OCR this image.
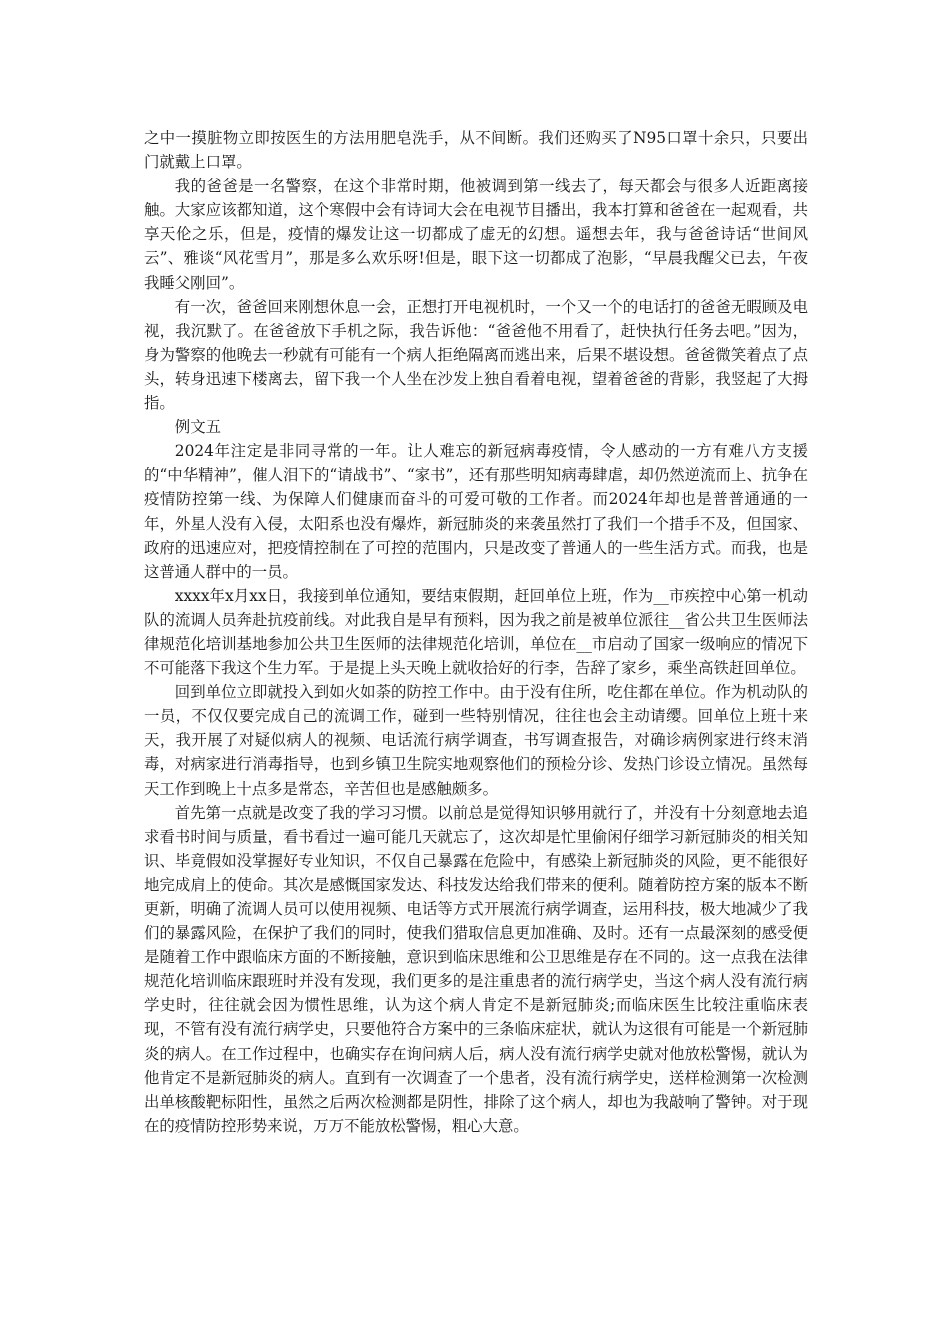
之中一摸脏物立即按医生的方法用肥皂洗手，从不间断。我们还购买了N95口罩十余只，只要出门就戴上口罩。

我的爸爸是一名警察，在这个非常时期，他被调到第一线去了，每天都会与很多人近距离接触。大家应该都知道，这个寒假中会有诗词大会在电视节目播出，我本打算和爸爸在一起观看，共享天伦之乐，但是，疫情的爆发让这一切都成了虚无的幻想。遥想去年，我与爸爸诗话“世间风云”、雅谈“风花雪月”，那是多么欢乐呀!但是，眼下这一切都成了泡影，“早晨我醒父已去，午夜我睡父刚回”。

有一次，爸爸回来刚想休息一会，正想打开电视机时，一个又一个的电话打的爸爸无暇顾及电视，我沉默了。在爸爸放下手机之际，我告诉他：“爸爸他不用看了，赶快执行任务去吧。”因为，身为警察的他晚去一秒就有可能有一个病人拒绝隔离而逃出来，后果不堪设想。爸爸微笑着点了点头，转身迅速下楼离去，留下我一个人坐在沙发上独自看着电视，望着爸爸的背影，我竖起了大拇指。

例文五

2024年注定是非同寻常的一年。让人难忘的新冠病毒疫情，令人感动的一方有难八方支援的“中华精神”，催人泪下的“请战书”、“家书”，还有那些明知病毒肆虐，却仍然逆流而上、抗争在疫情防控第一线、为保障人们健康而奋斗的可爱可敬的工作者。而2024年却也是普普通通的一年，外星人没有入侵，太阳系也没有爆炸，新冠肺炎的来袭虽然打了我们一个措手不及，但国家、政府的迅速应对，把疫情控制在了可控的范围内，只是改变了普通人的一些生活方式。而我，也是这普通人群中的一员。

xxxx年x月xx日，我接到单位通知，要结束假期，赶回单位上班，作为__市疾控中心第一机动队的流调人员奔赴抗疫前线。对此我自是早有预料，因为我之前是被单位派往__省公共卫生医师法律规范化培训基地参加公共卫生医师的法律规范化培训，单位在__市启动了国家一级响应的情况下不可能落下我这个生力军。于是提上头天晚上就收拾好的行李，告辞了家乡，乘坐高铁赶回单位。

回到单位立即就投入到如火如荼的防控工作中。由于没有住所，吃住都在单位。作为机动队的一员，不仅仅要完成自己的流调工作，碰到一些特别情况，往往也会主动请缨。回单位上班十来天，我开展了对疑似病人的视频、电话流行病学调查，书写调查报告，对确诊病例家进行终末消毒，对病家进行消毒指导，也到乡镇卫生院实地观察他们的预检分诊、发热门诊设立情况。虽然每天工作到晚上十点多是常态，辛苦但也是感触颇多。

首先第一点就是改变了我的学习习惯。以前总是觉得知识够用就行了，并没有十分刻意地去追求看书时间与质量，看书看过一遍可能几天就忘了，这次却是忙里偷闲仔细学习新冠肺炎的相关知识、毕竟假如没掌握好专业知识，不仅自己暴露在危险中，有感染上新冠肺炎的风险，更不能很好地完成肩上的使命。其次是感慨国家发达、科技发达给我们带来的便利。随着防控方案的版本不断更新，明确了流调人员可以使用视频、电话等方式开展流行病学调查，运用科技，极大地减少了我们的暴露风险，在保护了我们的同时，使我们猎取信息更加准确、及时。还有一点最深刻的感受便是随着工作中跟临床方面的不断接触，意识到临床思维和公卫思维是存在不同的。这一点我在法律规范化培训临床跟班时并没有发现，我们更多的是注重患者的流行病学史，当这个病人没有流行病学史时，往往就会因为惯性思维，认为这个病人肯定不是新冠肺炎;而临床医生比较注重临床表现，不管有没有流行病学史，只要他符合方案中的三条临床症状，就认为这很有可能是一个新冠肺炎的病人。在工作过程中，也确实存在询问病人后，病人没有流行病学史就对他放松警惕，就认为他肯定不是新冠肺炎的病人。直到有一次调查了一个患者，没有流行病学史，送样检测第一次检测出单核酸靶标阳性，虽然之后两次检测都是阴性，排除了这个病人，却也为我敲响了警钟。对于现在的疫情防控形势来说，万万不能放松警惕，粗心大意。
